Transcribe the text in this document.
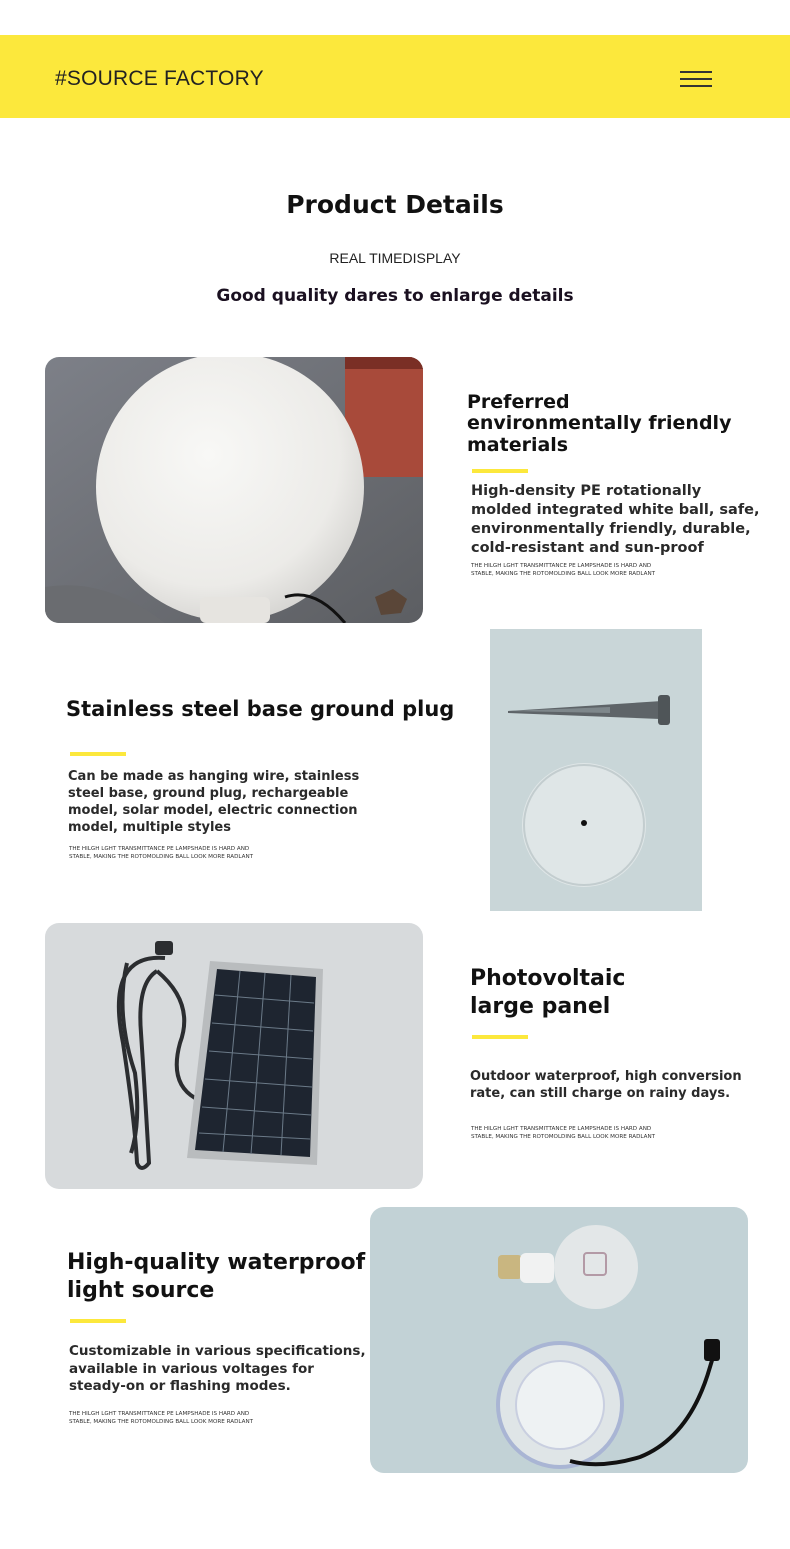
#SOURCE FACTORY
Product Details
REAL TIMEDISPLAY
Good quality dares to enlarge details
Preferred
environmentally friendly
materials
High-density PE rotationally
molded integrated white ball, safe,
environmentally friendly, durable,
cold-resistant and sun-proof
THE HILGH LGHT TRANSMITTANCE PE LAMPSHADE IS HARD AND
STABLE, MAKING THE ROTOMOLDING BALL LOOK MORE RADLANT
Stainless steel base ground plug
Can be made as hanging wire, stainless
steel base, ground plug, rechargeable
model, solar model, electric connection
model, multiple styles
THE HILGH LGHT TRANSMITTANCE PE LAMPSHADE IS HARD AND
STABLE, MAKING THE ROTOMOLDING BALL LOOK MORE RADLANT
Photovoltaic
large panel
Outdoor waterproof, high conversion
rate, can still charge on rainy days.
THE HILGH LGHT TRANSMITTANCE PE LAMPSHADE IS HARD AND
STABLE, MAKING THE ROTOMOLDING BALL LOOK MORE RADLANT
High-quality waterproof
light source
Customizable in various specifications,
available in various voltages for
steady-on or flashing modes.
THE HILGH LGHT TRANSMITTANCE PE LAMPSHADE IS HARD AND
STABLE, MAKING THE ROTOMOLDING BALL LOOK MORE RADLANT
